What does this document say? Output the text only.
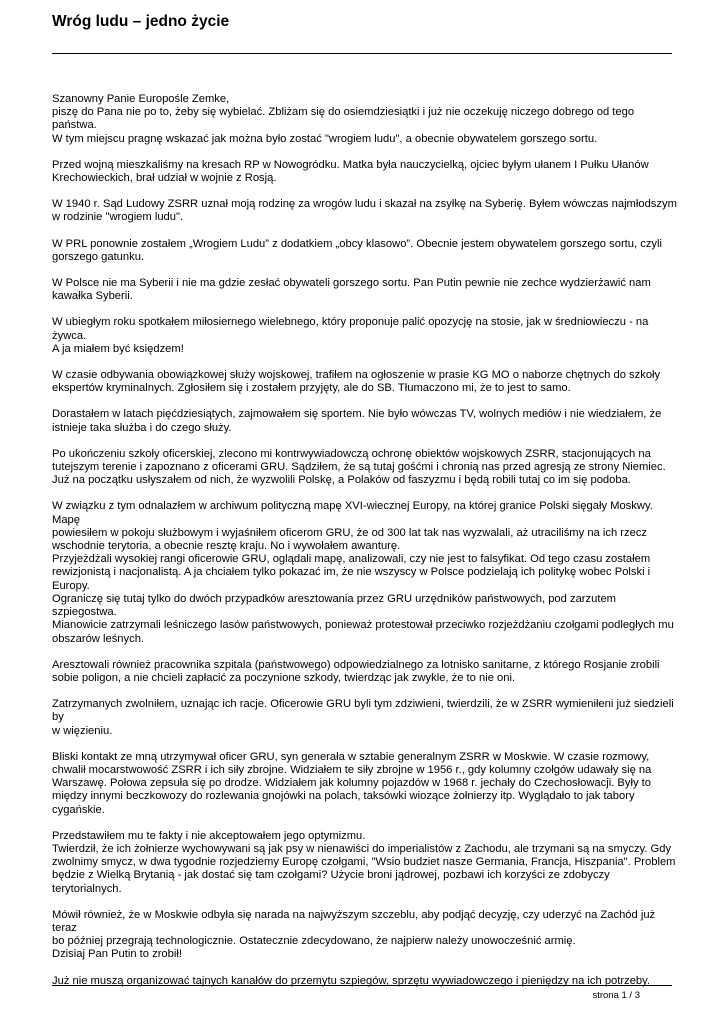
Wróg ludu – jedno życie

Szanowny Panie Europośle Zemke,
piszę do Pana nie po to, żeby się wybielać. Zbliżam się do osiemdziesiątki i już nie oczekuję niczego dobrego od tego państwa.
W tym miejscu pragnę wskazać jak można było zostać "wrogiem ludu", a obecnie obywatelem gorszego sortu.

Przed wojną mieszkaliśmy na kresach RP w Nowogródku. Matka była nauczycielką, ojciec byłym ułanem I Pułku Ułanów
Krechowieckich, brał udział w wojnie z Rosją.

W 1940 r. Sąd Ludowy ZSRR uznał moją rodzinę za wrogów ludu i skazał na zsyłkę na Syberię. Byłem wówczas najmłodszym
w rodzinie "wrogiem ludu".

W PRL ponownie zostałem „Wrogiem Ludu” z dodatkiem „obcy klasowo”. Obecnie jestem obywatelem gorszego sortu, czyli
gorszego gatunku.

W Polsce nie ma Syberii i nie ma gdzie zesłać obywateli gorszego sortu. Pan Putin pewnie nie zechce wydzierżawić nam
kawałka Syberii.

W ubiegłym roku spotkałem miłosiernego wielebnego, który proponuje palić opozycję na stosie, jak w średniowieczu - na żywca.
A ja miałem być księdzem!

W czasie odbywania obowiązkowej służy wojskowej, trafiłem na ogłoszenie w prasie KG MO o naborze chętnych do szkoły
ekspertów kryminalnych. Zgłosiłem się i zostałem przyjęty, ale do SB. Tłumaczono mi, że to jest to samo.

Dorastałem w latach pięćdziesiątych, zajmowałem się sportem. Nie było wówczas TV, wolnych mediów i nie wiedziałem, że
istnieje taka służba i do czego służy.

Po ukończeniu szkoły oficerskiej, zlecono mi kontrwywiadowczą ochronę obiektów wojskowych ZSRR, stacjonujących na
tutejszym terenie i zapoznano z oficerami GRU. Sądziłem, że są tutaj gośćmi i chronią nas przed agresją ze strony Niemiec.
Już na początku usłyszałem od nich, że wyzwolili Polskę, a Polaków od faszyzmu i będą robili tutaj co im się podoba.

W związku z tym odnalazłem w archiwum polityczną mapę XVI-wiecznej Europy, na której granice Polski sięgały Moskwy. Mapę
powiesiłem w pokoju służbowym i wyjaśniłem oficerom GRU, że od 300 lat tak nas wyzwalali, aż utraciliśmy na ich rzecz
wschodnie terytoria, a obecnie resztę kraju. No i wywołałem awanturę.
Przyjeżdżali wysokiej rangi oficerowie GRU, oglądali mapę, analizowali, czy nie jest to falsyfikat. Od tego czasu zostałem
rewizjonistą i nacjonalistą. A ja chciałem tylko pokazać im, że nie wszyscy w Polsce podzielają ich politykę wobec Polski i
Europy.
Ograniczę się tutaj tylko do dwóch przypadków aresztowania przez GRU urzędników państwowych, pod zarzutem szpiegostwa.
Mianowicie zatrzymali leśniczego lasów państwowych, ponieważ protestował przeciwko rozjeżdżaniu czołgami podległych mu
obszarów leśnych.

Aresztowali również pracownika szpitala (państwowego) odpowiedzialnego za lotnisko sanitarne, z którego Rosjanie zrobili
sobie poligon, a nie chcieli zapłacić za poczynione szkody, twierdząc jak zwykle, że to nie oni.

Zatrzymanych zwolniłem, uznając ich racje. Oficerowie GRU byli tym zdziwieni, twierdzili, że w ZSRR wymieniłeni już siedzieli by
w więzieniu.

Bliski kontakt ze mną utrzymywał oficer GRU, syn generała w sztabie generalnym ZSRR w Moskwie. W czasie rozmowy,
chwalił mocarstwowość ZSRR i ich siły zbrojne. Widziałem te siły zbrojne w 1956 r., gdy kolumny czołgów udawały się na
Warszawę. Połowa zepsuła się po drodze. Widziałem jak kolumny pojazdów w 1968 r. jechały do Czechosłowacji. Były to
między innymi beczkowozy do rozlewania gnojówki na polach, taksówki wiozące żołnierzy itp. Wyglądało to jak tabory
cygańskie.

Przedstawiłem mu te fakty i nie akceptowałem jego optymizmu.
Twierdził, że ich żołnierze wychowywani są jak psy w nienawiści do imperialistów z Zachodu, ale trzymani są na smyczy. Gdy
zwolnimy smycz, w dwa tygodnie rozjedziemy Europę czołgami, "Wsio budziet nasze Germania, Francja, Hiszpania". Problem
będzie z Wielką Brytanią - jak dostać się tam czołgami? Użycie broni jądrowej, pozbawi ich korzyści ze zdobyczy terytorialnych.

Mówił również, że w Moskwie odbyła się narada na najwyższym szczeblu, aby podjąć decyzję, czy uderzyć na Zachód już teraz
bo później przegrają technologicznie. Ostatecznie zdecydowano, że najpierw należy unowocześnić armię.
Dzisiaj Pan Putin to zrobił!

Już nie muszą organizować tajnych kanałów do przemytu szpiegów, sprzętu wywiadowczego i pieniędzy na ich potrzeby.

strona 1 / 3
